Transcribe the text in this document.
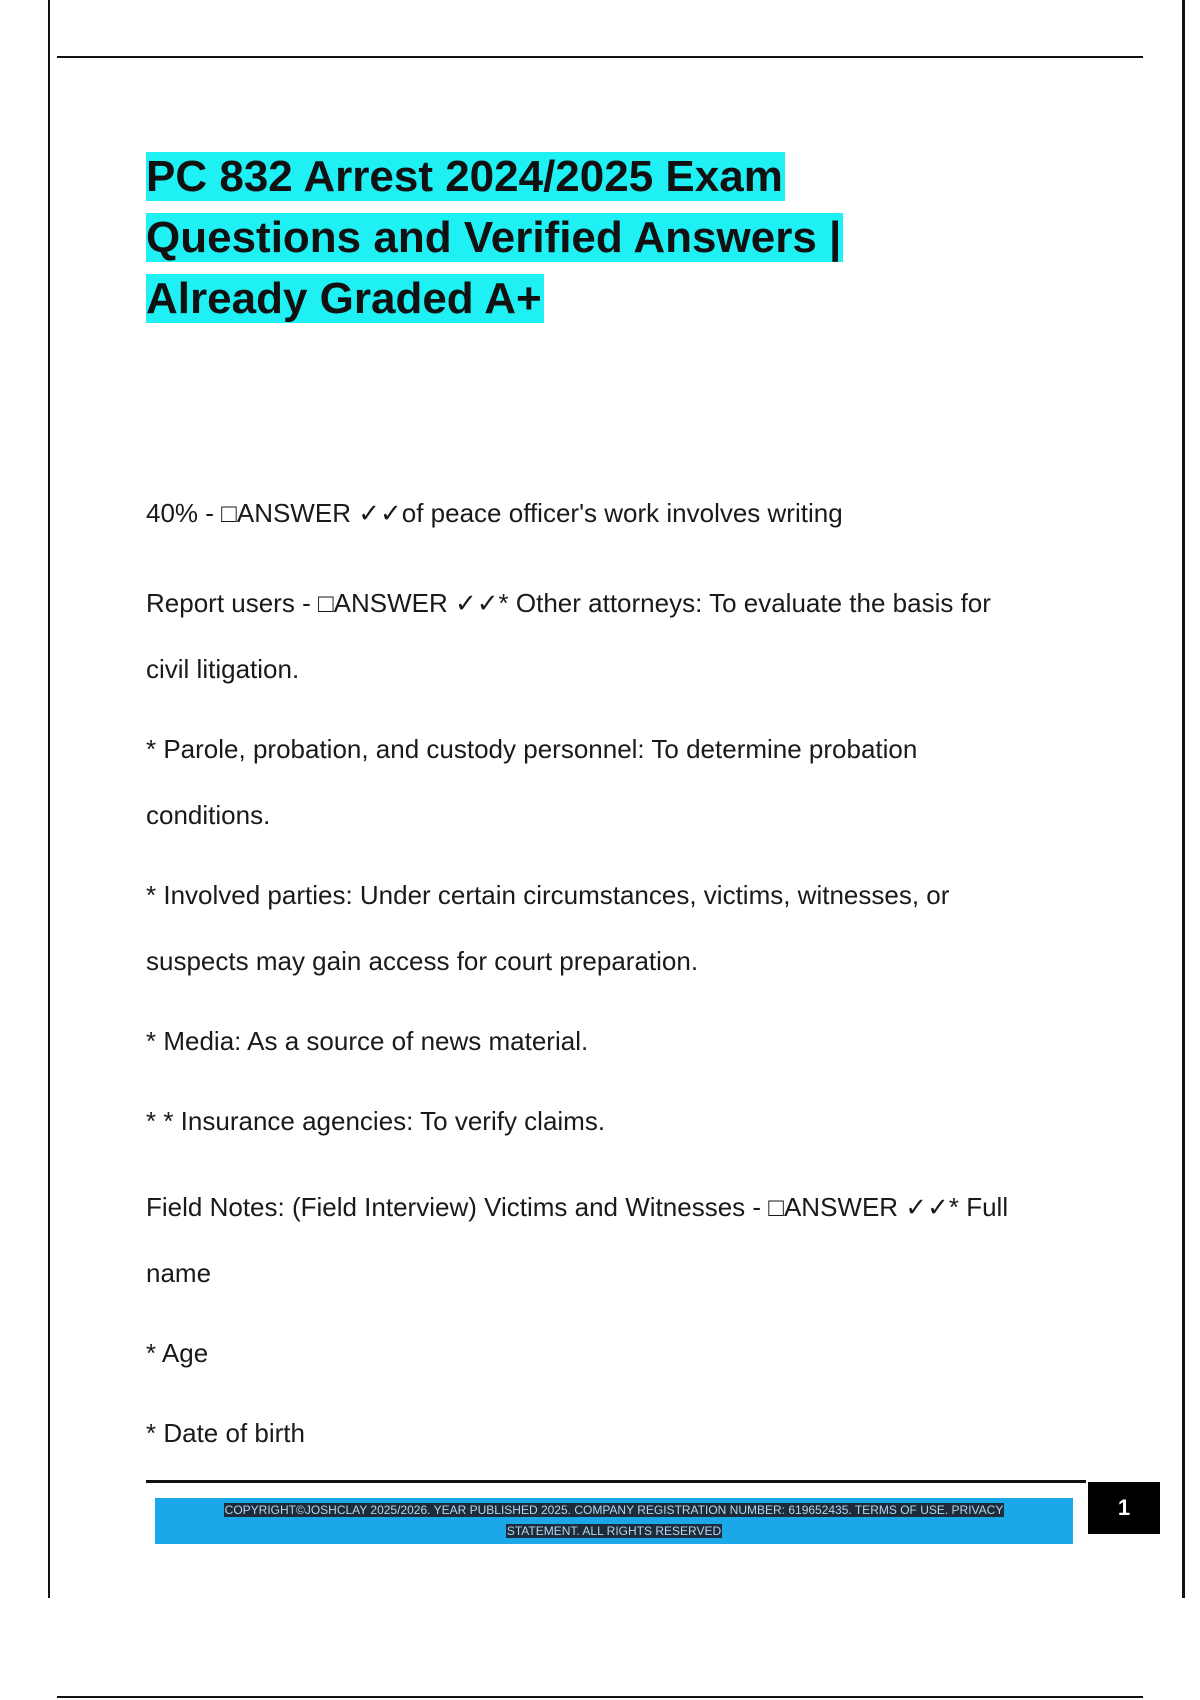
PC 832 Arrest 2024/2025 Exam
Questions and Verified Answers |
Already Graded A+

40% - □ANSWER ✓✓of peace officer's work involves writing

Report users - □ANSWER ✓✓* Other attorneys: To evaluate the basis for

civil litigation.

* Parole, probation, and custody personnel: To determine probation

conditions.

* Involved parties: Under certain circumstances, victims, witnesses, or

suspects may gain access for court preparation.

* Media: As a source of news material.

* * Insurance agencies: To verify claims.

Field Notes: (Field Interview) Victims and Witnesses - □ANSWER ✓✓* Full

name

* Age

* Date of birth

COPYRIGHT©JOSHCLAY 2025/2026. YEAR PUBLISHED 2025. COMPANY REGISTRATION NUMBER: 619652435. TERMS OF USE. PRIVACY
STATEMENT. ALL RIGHTS RESERVED
1
